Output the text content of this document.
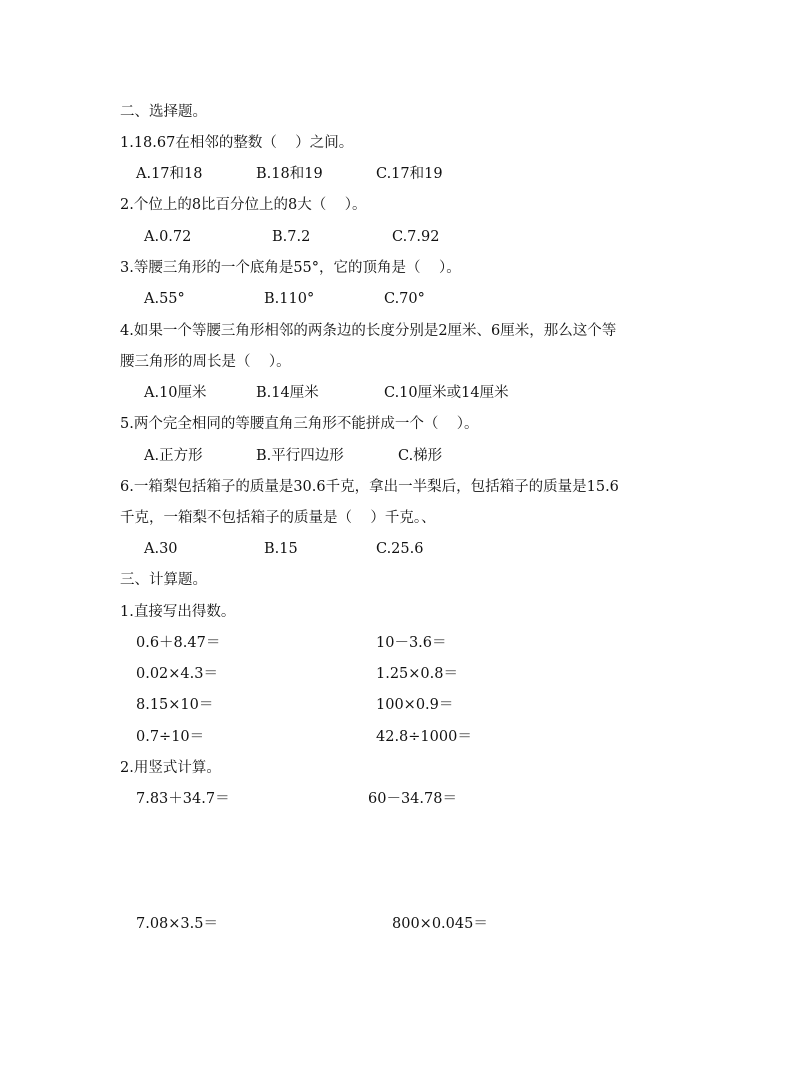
二、选择题。
1.18.67在相邻的整数（    ）之间。
A.17和18	B.18和19	C.17和19
2.个位上的8比百分位上的8大（    ）。
A.0.72	B.7.2	C.7.92
3.等腰三角形的一个底角是55°，它的顶角是（    ）。
A.55°	B.110°	C.70°
4.如果一个等腰三角形相邻的两条边的长度分别是2厘米、6厘米，那么这个等
腰三角形的周长是（    ）。
A.10厘米	B.14厘米	C.10厘米或14厘米
5.两个完全相同的等腰直角三角形不能拼成一个（    ）。
A.正方形	B.平行四边形	C.梯形
6.一箱梨包括箱子的质量是30.6千克，拿出一半梨后，包括箱子的质量是15.6
千克，一箱梨不包括箱子的质量是（    ）千克。、
A.30	B.15	C.25.6
三、计算题。
1.直接写出得数。
0.6＋8.47＝	10－3.6＝
0.02×4.3＝	1.25×0.8＝
8.15×10＝	100×0.9＝
0.7÷10＝	42.8÷1000＝
2.用竖式计算。
7.83＋34.7＝	60－34.78＝
7.08×3.5＝	800×0.045＝
